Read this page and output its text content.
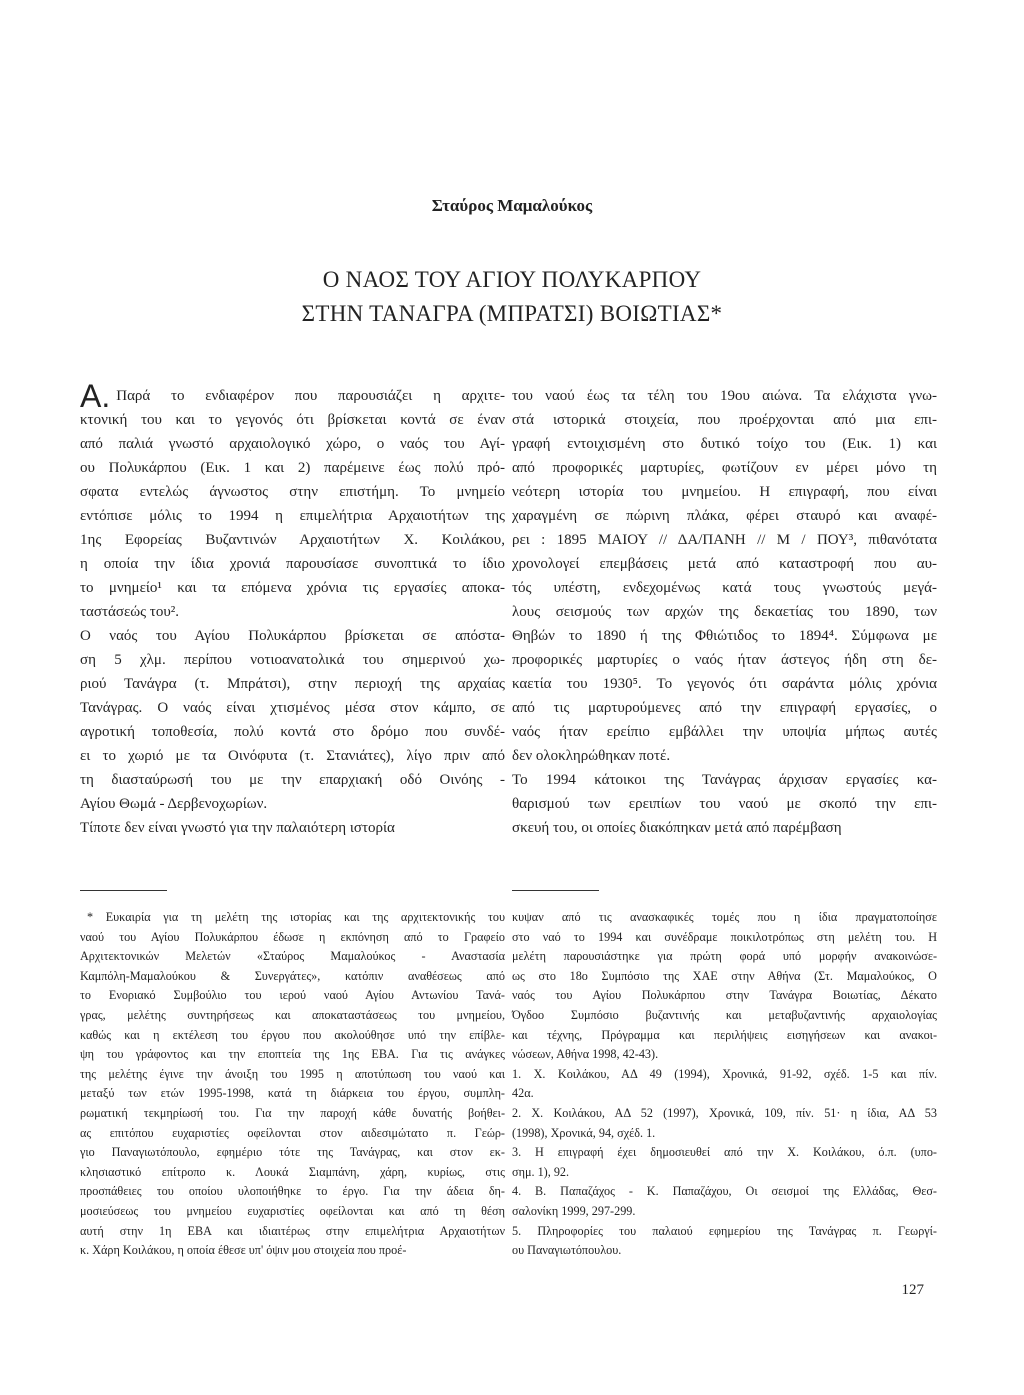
Σταύρος Μαμαλούκος
Ο ΝΑΟΣ ΤΟΥ ΑΓΙΟΥ ΠΟΛΥΚΑΡΠΟΥ
ΣΤΗΝ ΤΑΝΑΓΡΑ (ΜΠΡΑΤΣΙ) ΒΟΙΩΤΙΑΣ*
Α. Παρά το ενδιαφέρον που παρουσιάζει η αρχιτε-
κτονική του και το γεγονός ότι βρίσκεται κοντά σε έναν
από παλιά γνωστό αρχαιολογικό χώρο, ο ναός του Αγί-
ου Πολυκάρπου (Εικ. 1 και 2) παρέμεινε έως πολύ πρό-
σφατα εντελώς άγνωστος στην επιστήμη. Το μνημείο
εντόπισε μόλις το 1994 η επιμελήτρια Αρχαιοτήτων της
1ης Εφορείας Βυζαντινών Αρχαιοτήτων Χ. Κοιλάκου,
η οποία την ίδια χρονιά παρουσίασε συνοπτικά το ίδιο
το μνημείο¹ και τα επόμενα χρόνια τις εργασίες αποκα-
ταστάσεώς του².
Ο ναός του Αγίου Πολυκάρπου βρίσκεται σε απόστα-
ση 5 χλμ. περίπου νοτιοανατολικά του σημερινού χω-
ριού Τανάγρα (τ. Μπράτσι), στην περιοχή της αρχαίας
Τανάγρας. Ο ναός είναι χτισμένος μέσα στον κάμπο, σε
αγροτική τοποθεσία, πολύ κοντά στο δρόμο που συνδέ-
ει το χωριό με τα Οινόφυτα (τ. Στανιάτες), λίγο πριν από
τη διασταύρωσή του με την επαρχιακή οδό Οινόης -
Αγίου Θωμά - Δερβενοχωρίων.
Τίποτε δεν είναι γνωστό για την παλαιότερη ιστορία
του ναού έως τα τέλη του 19ου αιώνα. Τα ελάχιστα γνω-
στά ιστορικά στοιχεία, που προέρχονται από μια επι-
γραφή εντοιχισμένη στο δυτικό τοίχο του (Εικ. 1) και
από προφορικές μαρτυρίες, φωτίζουν εν μέρει μόνο τη
νεότερη ιστορία του μνημείου. Η επιγραφή, που είναι
χαραγμένη σε πώρινη πλάκα, φέρει σταυρό και αναφέ-
ρει : 1895 ΜΑΙΟΥ // ΔΑ/ΠΑΝΗ // Μ / ΠΟΥ³, πιθανότατα
χρονολογεί επεμβάσεις μετά από καταστροφή που αυ-
τός υπέστη, ενδεχομένως κατά τους γνωστούς μεγά-
λους σεισμούς των αρχών της δεκαετίας του 1890, των
Θηβών το 1890 ή της Φθιώτιδος το 1894⁴. Σύμφωνα με
προφορικές μαρτυρίες ο ναός ήταν άστεγος ήδη στη δε-
καετία του 1930⁵. Το γεγονός ότι σαράντα μόλις χρόνια
από τις μαρτυρούμενες από την επιγραφή εργασίες, ο
ναός ήταν ερείπιο εμβάλλει την υποψία μήπως αυτές
δεν ολοκληρώθηκαν ποτέ.
Το 1994 κάτοικοι της Τανάγρας άρχισαν εργασίες κα-
θαρισμού των ερειπίων του ναού με σκοπό την επι-
σκευή του, οι οποίες διακόπηκαν μετά από παρέμβαση
* Ευκαιρία για τη μελέτη της ιστορίας και της αρχιτεκτονικής του
ναού του Αγίου Πολυκάρπου έδωσε η εκπόνηση από το Γραφείο
Αρχιτεκτονικών Μελετών «Σταύρος Μαμαλούκος - Αναστασία
Καμπόλη-Μαμαλούκου & Συνεργάτες», κατόπιν αναθέσεως από
το Ενοριακό Συμβούλιο του ιερού ναού Αγίου Αντωνίου Τανά-
γρας, μελέτης συντηρήσεως και αποκαταστάσεως του μνημείου,
καθώς και η εκτέλεση του έργου που ακολούθησε υπό την επίβλε-
ψη του γράφοντος και την εποπτεία της 1ης ΕΒΑ. Για τις ανάγκες
της μελέτης έγινε την άνοιξη του 1995 η αποτύπωση του ναού και
μεταξύ των ετών 1995-1998, κατά τη διάρκεια του έργου, συμπλη-
ρωματική τεκμηρίωσή του. Για την παροχή κάθε δυνατής βοήθει-
ας επιτόπου ευχαριστίες οφείλονται στον αιδεσιμώτατο π. Γεώρ-
γιο Παναγιωτόπουλο, εφημέριο τότε της Τανάγρας, και στον εκ-
κλησιαστικό επίτροπο κ. Λουκά Σιαμπάνη, χάρη, κυρίως, στις
προσπάθειες του οποίου υλοποιήθηκε το έργο. Για την άδεια δη-
μοσιεύσεως του μνημείου ευχαριστίες οφείλονται και από τη θέση
αυτή στην 1η ΕΒΑ και ιδιαιτέρως στην επιμελήτρια Αρχαιοτήτων
κ. Χάρη Κοιλάκου, η οποία έθεσε υπ' όψιν μου στοιχεία που προέ-
κυψαν από τις ανασκαφικές τομές που η ίδια πραγματοποίησε
στο ναό το 1994 και συνέδραμε ποικιλοτρόπως στη μελέτη του. Η
μελέτη παρουσιάστηκε για πρώτη φορά υπό μορφήν ανακοινώσε-
ως στο 18ο Συμπόσιο της ΧΑΕ στην Αθήνα (Στ. Μαμαλούκος, Ο
ναός του Αγίου Πολυκάρπου στην Τανάγρα Βοιωτίας, Δέκατο
Όγδοο Συμπόσιο βυζαντινής και μεταβυζαντινής αρχαιολογίας
και τέχνης, Πρόγραμμα και περιλήψεις εισηγήσεων και ανακοι-
νώσεων, Αθήνα 1998, 42-43).
1. Χ. Κοιλάκου, ΑΔ 49 (1994), Χρονικά, 91-92, σχέδ. 1-5 και πίν.
42α.
2. Χ. Κοιλάκου, ΑΔ 52 (1997), Χρονικά, 109, πίν. 51· η ίδια, ΑΔ 53
(1998), Χρονικά, 94, σχέδ. 1.
3. Η επιγραφή έχει δημοσιευθεί από την Χ. Κοιλάκου, ό.π. (υπο-
σημ. 1), 92.
4. Β. Παπαζάχος - Κ. Παπαζάχου, Οι σεισμοί της Ελλάδας, Θεσ-
σαλονίκη 1999, 297-299.
5. Πληροφορίες του παλαιού εφημερίου της Τανάγρας π. Γεωργί-
ου Παναγιωτόπουλου.
127
